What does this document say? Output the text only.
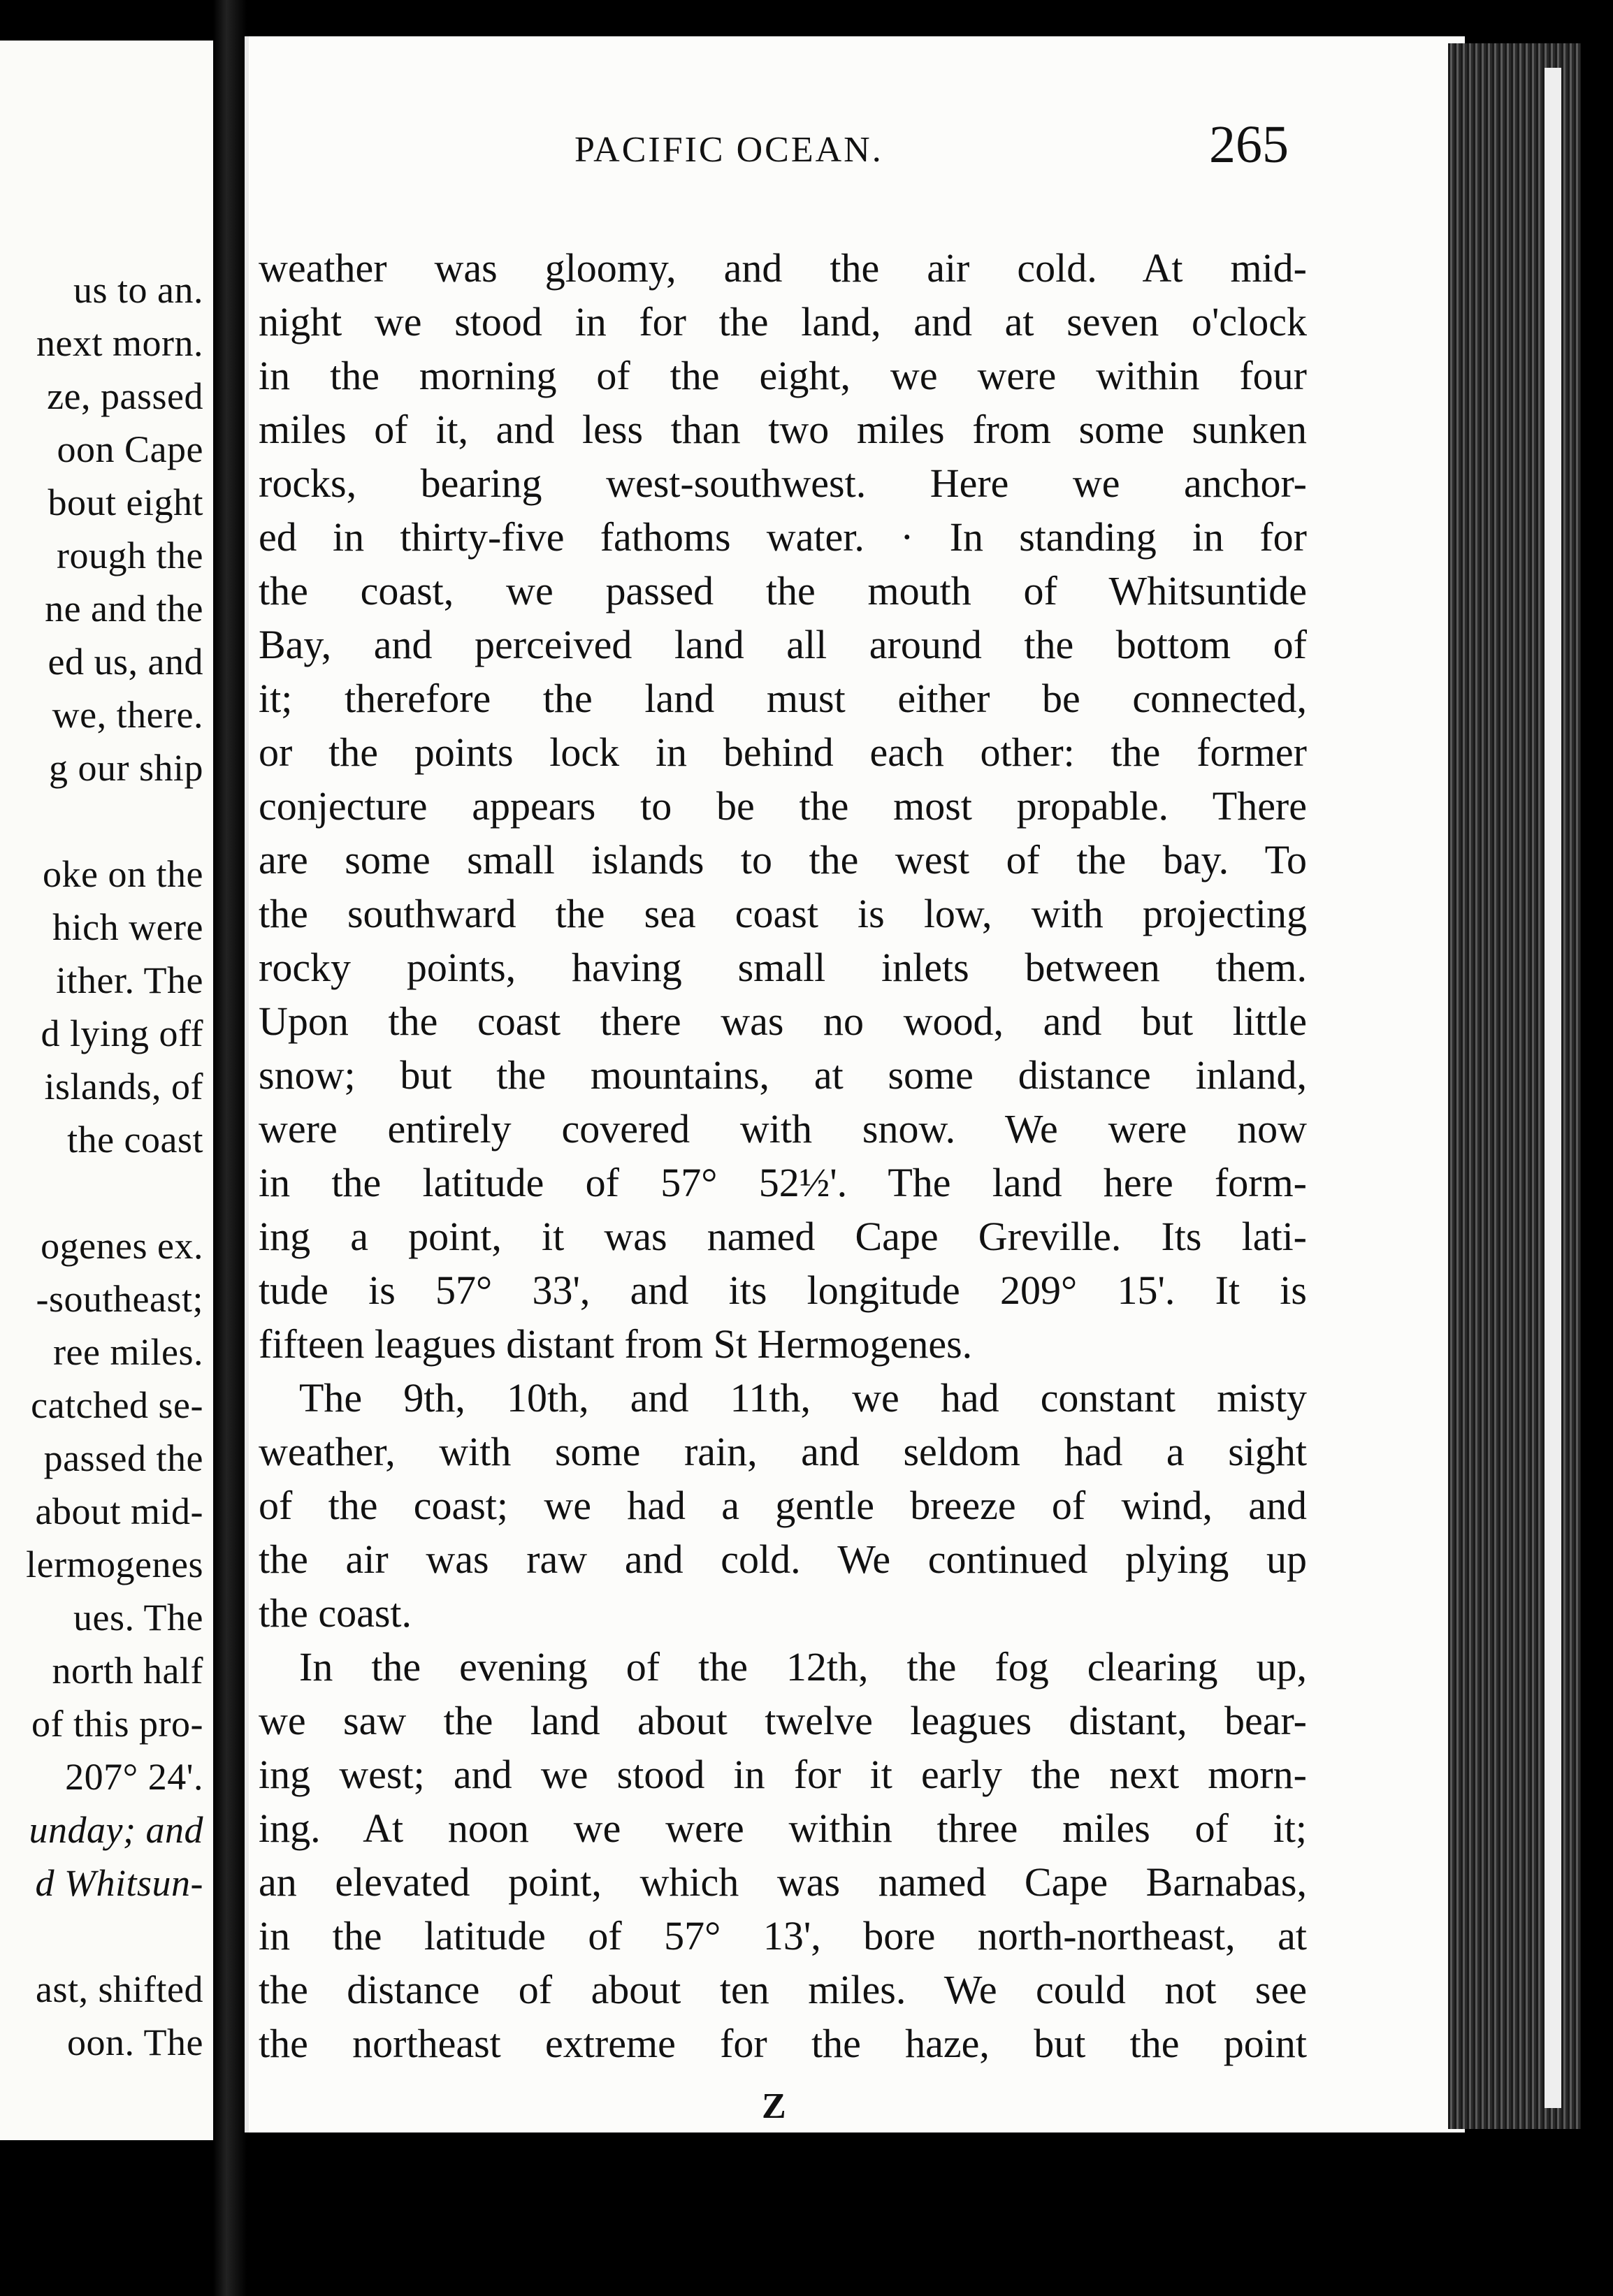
us to an.
next morn.
ze, passed
oon Cape
bout eight
rough the
ne and the
ed us, and
we, there.
g our ship
oke on the
hich were
ither. The
d lying off
islands, of
the coast
ogenes ex.
-southeast;
ree miles.
catched se-
passed the
about mid-
lermogenes
ues. The
north half
of this pro-
207° 24'.
unday; and
d Whitsun-
ast, shifted
oon. The
PACIFIC OCEAN.	265
weather was gloomy, and the air cold. At mid-
night we stood in for the land, and at seven o'clock
in the morning of the eight, we were within four
miles of it, and less than two miles from some sunken
rocks, bearing west-southwest. Here we anchor-
ed in thirty-five fathoms water. · In standing in for
the coast, we passed the mouth of Whitsuntide
Bay, and perceived land all around the bottom of
it; therefore the land must either be connected,
or the points lock in behind each other: the former
conjecture appears to be the most propable. There
are some small islands to the west of the bay. To
the southward the sea coast is low, with projecting
rocky points, having small inlets between them.
Upon the coast there was no wood, and but little
snow; but the mountains, at some distance inland,
were entirely covered with snow. We were now
in the latitude of 57° 52½'. The land here form-
ing a point, it was named Cape Greville. Its lati-
tude is 57° 33', and its longitude 209° 15'. It is
fifteen leagues distant from St Hermogenes.
The 9th, 10th, and 11th, we had constant misty
weather, with some rain, and seldom had a sight
of the coast; we had a gentle breeze of wind, and
the air was raw and cold. We continued plying up
the coast.
In the evening of the 12th, the fog clearing up,
we saw the land about twelve leagues distant, bear-
ing west; and we stood in for it early the next morn-
ing. At noon we were within three miles of it;
an elevated point, which was named Cape Barnabas,
in the latitude of 57° 13', bore north-northeast, at
the distance of about ten miles. We could not see
the northeast extreme for the haze, but the point
Z
